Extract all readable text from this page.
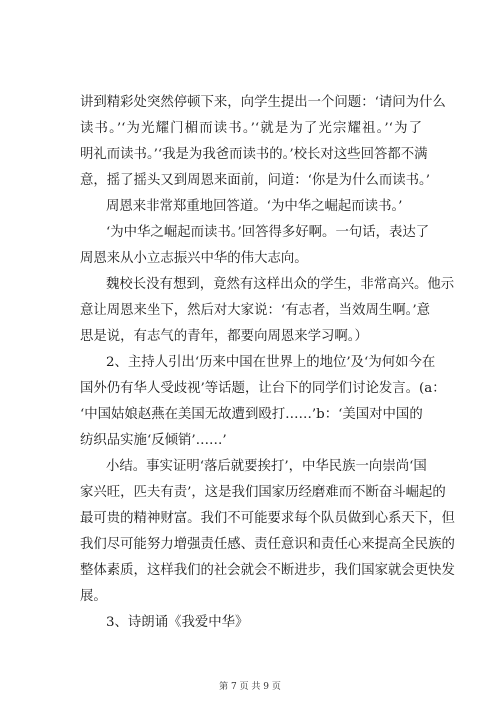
讲到精彩处突然停顿下来，向学生提出一个问题：‘请问为什么
读书。’‘为光耀门楣而读书。’‘就是为了光宗耀祖。’‘为了
明礼而读书。’‘我是为我爸而读书的。’校长对这些回答都不满
意，摇了摇头又到周恩来面前，问道：‘你是为什么而读书。’
周恩来非常郑重地回答道。‘为中华之崛起而读书。’
‘为中华之崛起而读书。’回答得多好啊。一句话，表达了
周恩来从小立志振兴中华的伟大志向。
魏校长没有想到，竟然有这样出众的学生，非常高兴。他示
意让周恩来坐下，然后对大家说：‘有志者，当效周生啊。’意
思是说，有志气的青年，都要向周恩来学习啊。）
2、主持人引出‘历来中国在世界上的地位’及‘为何如今在
国外仍有华人受歧视’等话题，让台下的同学们讨论发言。(a：
‘中国姑娘赵燕在美国无故遭到殴打……’b：‘美国对中国的
纺织品实施‘反倾销’……’
小结。事实证明‘落后就要挨打’，中华民族一向崇尚‘国
家兴旺，匹夫有责’，这是我们国家历经磨难而不断奋斗崛起的
最可贵的精神财富。我们不可能要求每个队员做到心系天下，但
我们尽可能努力增强责任感、责任意识和责任心来提高全民族的
整体素质，这样我们的社会就会不断进步，我们国家就会更快发
展。
3、诗朗诵《我爱中华》
第 7 页 共 9 页
